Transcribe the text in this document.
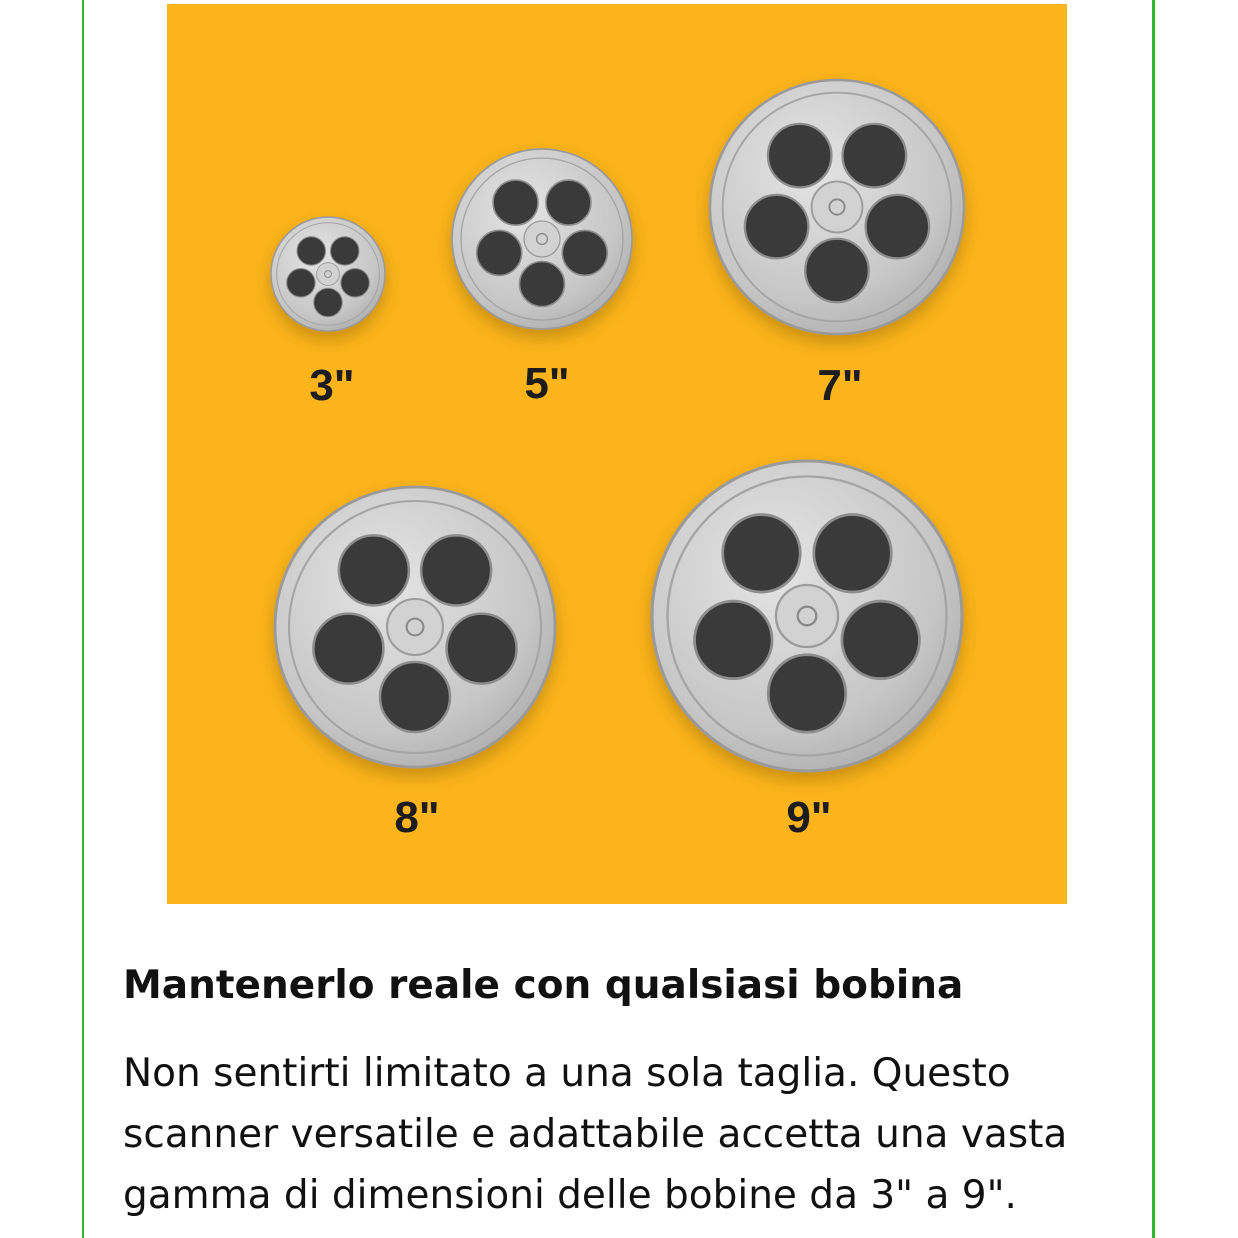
3"	5"	7"
8"	9"
Mantenerlo reale con qualsiasi bobina

Non sentirti limitato a una sola taglia. Questo scanner versatile e adattabile accetta una vasta gamma di dimensioni delle bobine da 3" a 9".
